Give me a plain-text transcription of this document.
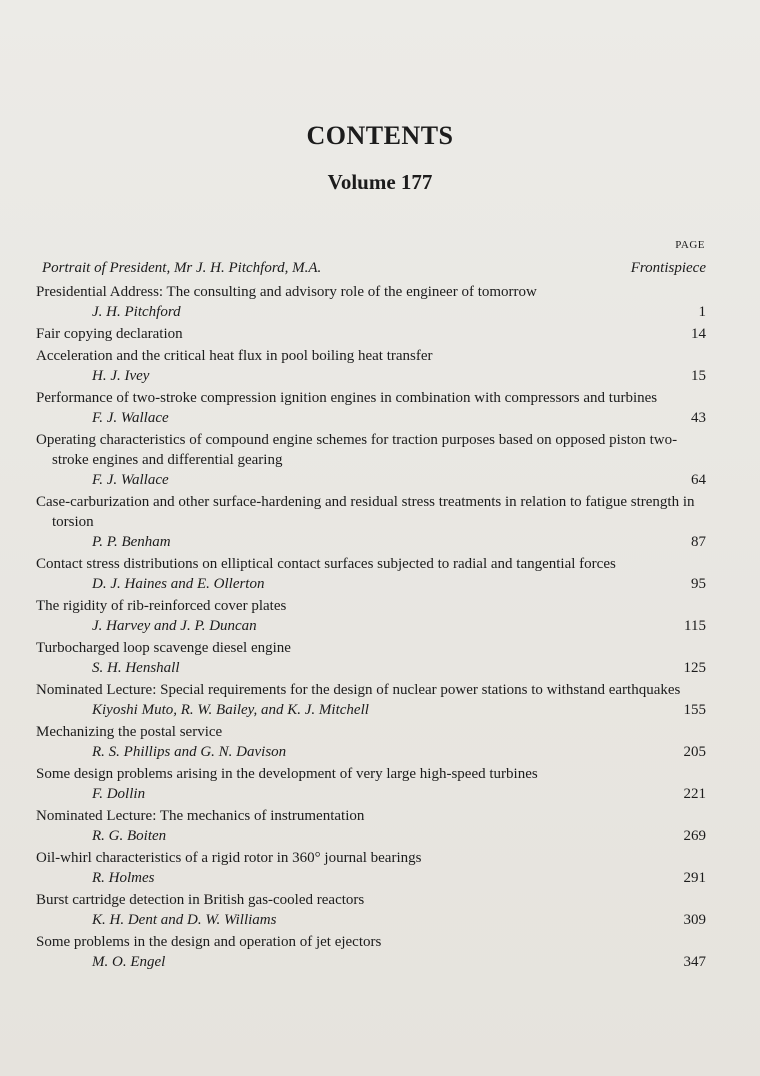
CONTENTS
Volume 177
PAGE
Portrait of President, Mr J. H. Pitchford, M.A.	Frontispiece
Presidential Address: The consulting and advisory role of the engineer of tomorrow
J. H. Pitchford	1
Fair copying declaration	14
Acceleration and the critical heat flux in pool boiling heat transfer
H. J. Ivey	15
Performance of two-stroke compression ignition engines in combination with compressors and turbines
F. J. Wallace	43
Operating characteristics of compound engine schemes for traction purposes based on opposed piston two-stroke engines and differential gearing
F. J. Wallace	64
Case-carburization and other surface-hardening and residual stress treatments in relation to fatigue strength in torsion
P. P. Benham	87
Contact stress distributions on elliptical contact surfaces subjected to radial and tangential forces
D. J. Haines and E. Ollerton	95
The rigidity of rib-reinforced cover plates
J. Harvey and J. P. Duncan	115
Turbocharged loop scavenge diesel engine
S. H. Henshall	125
Nominated Lecture: Special requirements for the design of nuclear power stations to withstand earthquakes
Kiyoshi Muto, R. W. Bailey, and K. J. Mitchell	155
Mechanizing the postal service
R. S. Phillips and G. N. Davison	205
Some design problems arising in the development of very large high-speed turbines
F. Dollin	221
Nominated Lecture: The mechanics of instrumentation
R. G. Boiten	269
Oil-whirl characteristics of a rigid rotor in 360° journal bearings
R. Holmes	291
Burst cartridge detection in British gas-cooled reactors
K. H. Dent and D. W. Williams	309
Some problems in the design and operation of jet ejectors
M. O. Engel	347
